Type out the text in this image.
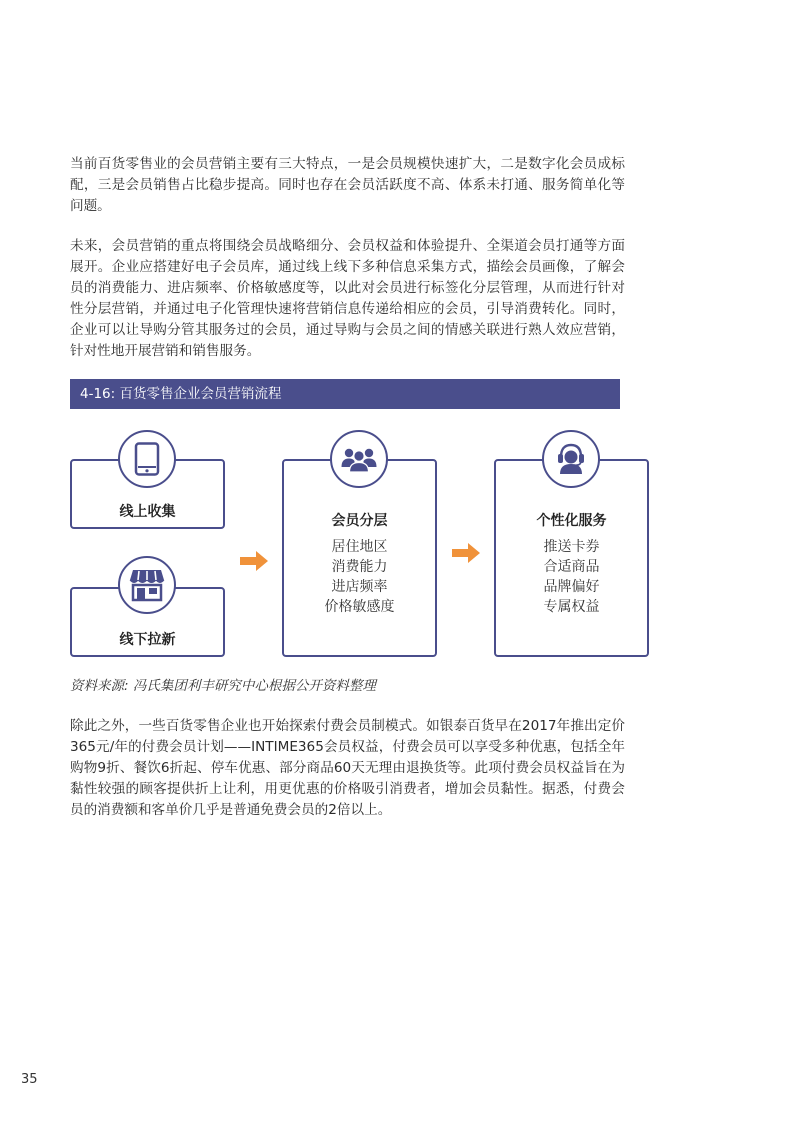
当前百货零售业的会员营销主要有三大特点，一是会员规模快速扩大，二是数字化会员成标配，三是会员销售占比稳步提高。同时也存在会员活跃度不高、体系未打通、服务简单化等问题。

未来，会员营销的重点将围绕会员战略细分、会员权益和体验提升、全渠道会员打通等方面展开。企业应搭建好电子会员库，通过线上线下多种信息采集方式，描绘会员画像，了解会员的消费能力、进店频率、价格敏感度等，以此对会员进行标签化分层管理，从而进行针对性分层营销，并通过电子化管理快速将营销信息传递给相应的会员，引导消费转化。同时，企业可以让导购分管其服务过的会员，通过导购与会员之间的情感关联进行熟人效应营销，针对性地开展营销和销售服务。

4-16: 百货零售企业会员营销流程
线上收集
线下拉新
会员分层
居住地区
消费能力
进店频率
价格敏感度
个性化服务
推送卡券
合适商品
品牌偏好
专属权益
资料来源: 冯氏集团利丰研究中心根据公开资料整理

除此之外，一些百货零售企业也开始探索付费会员制模式。如银泰百货早在2017年推出定价365元/年的付费会员计划——INTIME365会员权益，付费会员可以享受多种优惠，包括全年购物9折、餐饮6折起、停车优惠、部分商品60天无理由退换货等。此项付费会员权益旨在为黏性较强的顾客提供折上让利，用更优惠的价格吸引消费者，增加会员黏性。据悉，付费会员的消费额和客单价几乎是普通免费会员的2倍以上。

35
